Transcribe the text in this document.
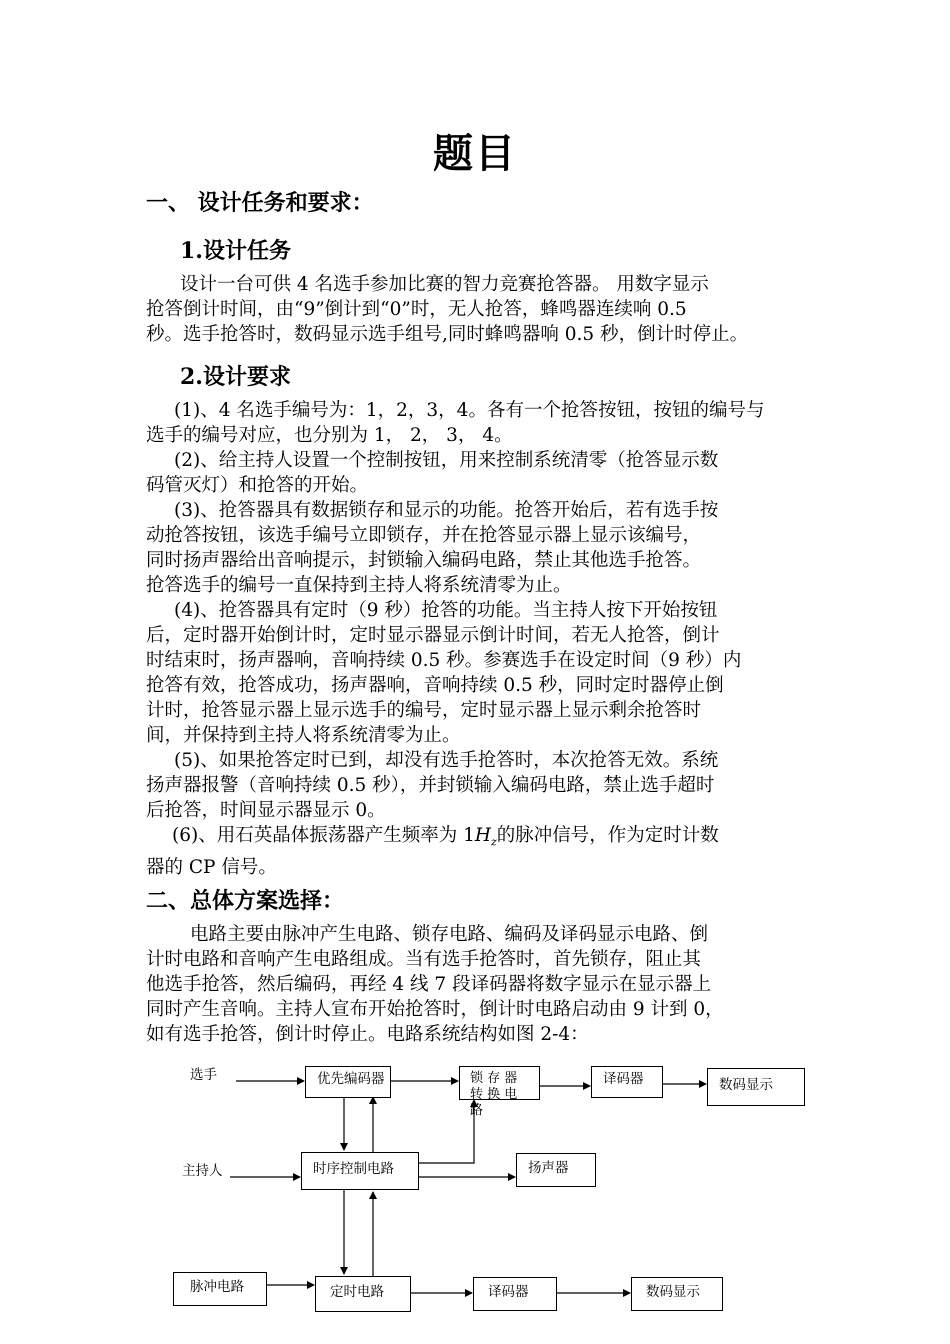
题目
一、 设计任务和要求：
1.设计任务
设计一台可供 4 名选手参加比赛的智力竞赛抢答器。 用数字显示
抢答倒计时间，由“9”倒计到“0”时，无人抢答，蜂鸣器连续响 0.5
秒。选手抢答时，数码显示选手组号,同时蜂鸣器响 0.5 秒，倒计时停止。
2.设计要求
(1)、4 名选手编号为：1，2，3，4。各有一个抢答按钮，按钮的编号与
选手的编号对应，也分别为 1， 2， 3， 4。
(2)、给主持人设置一个控制按钮，用来控制系统清零（抢答显示数
码管灭灯）和抢答的开始。
(3)、抢答器具有数据锁存和显示的功能。抢答开始后，若有选手按
动抢答按钮，该选手编号立即锁存，并在抢答显示器上显示该编号，
同时扬声器给出音响提示，封锁输入编码电路，禁止其他选手抢答。
抢答选手的编号一直保持到主持人将系统清零为止。
(4)、抢答器具有定时（9 秒）抢答的功能。当主持人按下开始按钮
后，定时器开始倒计时，定时显示器显示倒计时间，若无人抢答，倒计
时结束时，扬声器响，音响持续 0.5 秒。参赛选手在设定时间（9 秒）内
抢答有效，抢答成功，扬声器响，音响持续 0.5 秒，同时定时器停止倒
计时，抢答显示器上显示选手的编号，定时显示器上显示剩余抢答时
间，并保持到主持人将系统清零为止。
(5)、如果抢答定时已到，却没有选手抢答时，本次抢答无效。系统
扬声器报警（音响持续 0.5 秒），并封锁输入编码电路，禁止选手超时
后抢答，时间显示器显示 0。
(6)、用石英晶体振荡器产生频率为 $1H_z$的脉冲信号，作为定时计数
器的 CP 信号。
二、总体方案选择：
电路主要由脉冲产生电路、锁存电路、编码及译码显示电路、倒
计时电路和音响产生电路组成。当有选手抢答时，首先锁存，阻止其
他选手抢答，然后编码，再经 4 线 7 段译码器将数字显示在显示器上
同时产生音响。主持人宣布开始抢答时，倒计时电路启动由 9 计到 0，
如有选手抢答，倒计时停止。电路系统结构如图 2-4：
选手
主持人
优先编码器	锁 存 器
转 换 电
路
译码器	数码显示
时序控制电路	扬声器
脉冲电路	定时电路	译码器	数码显示
